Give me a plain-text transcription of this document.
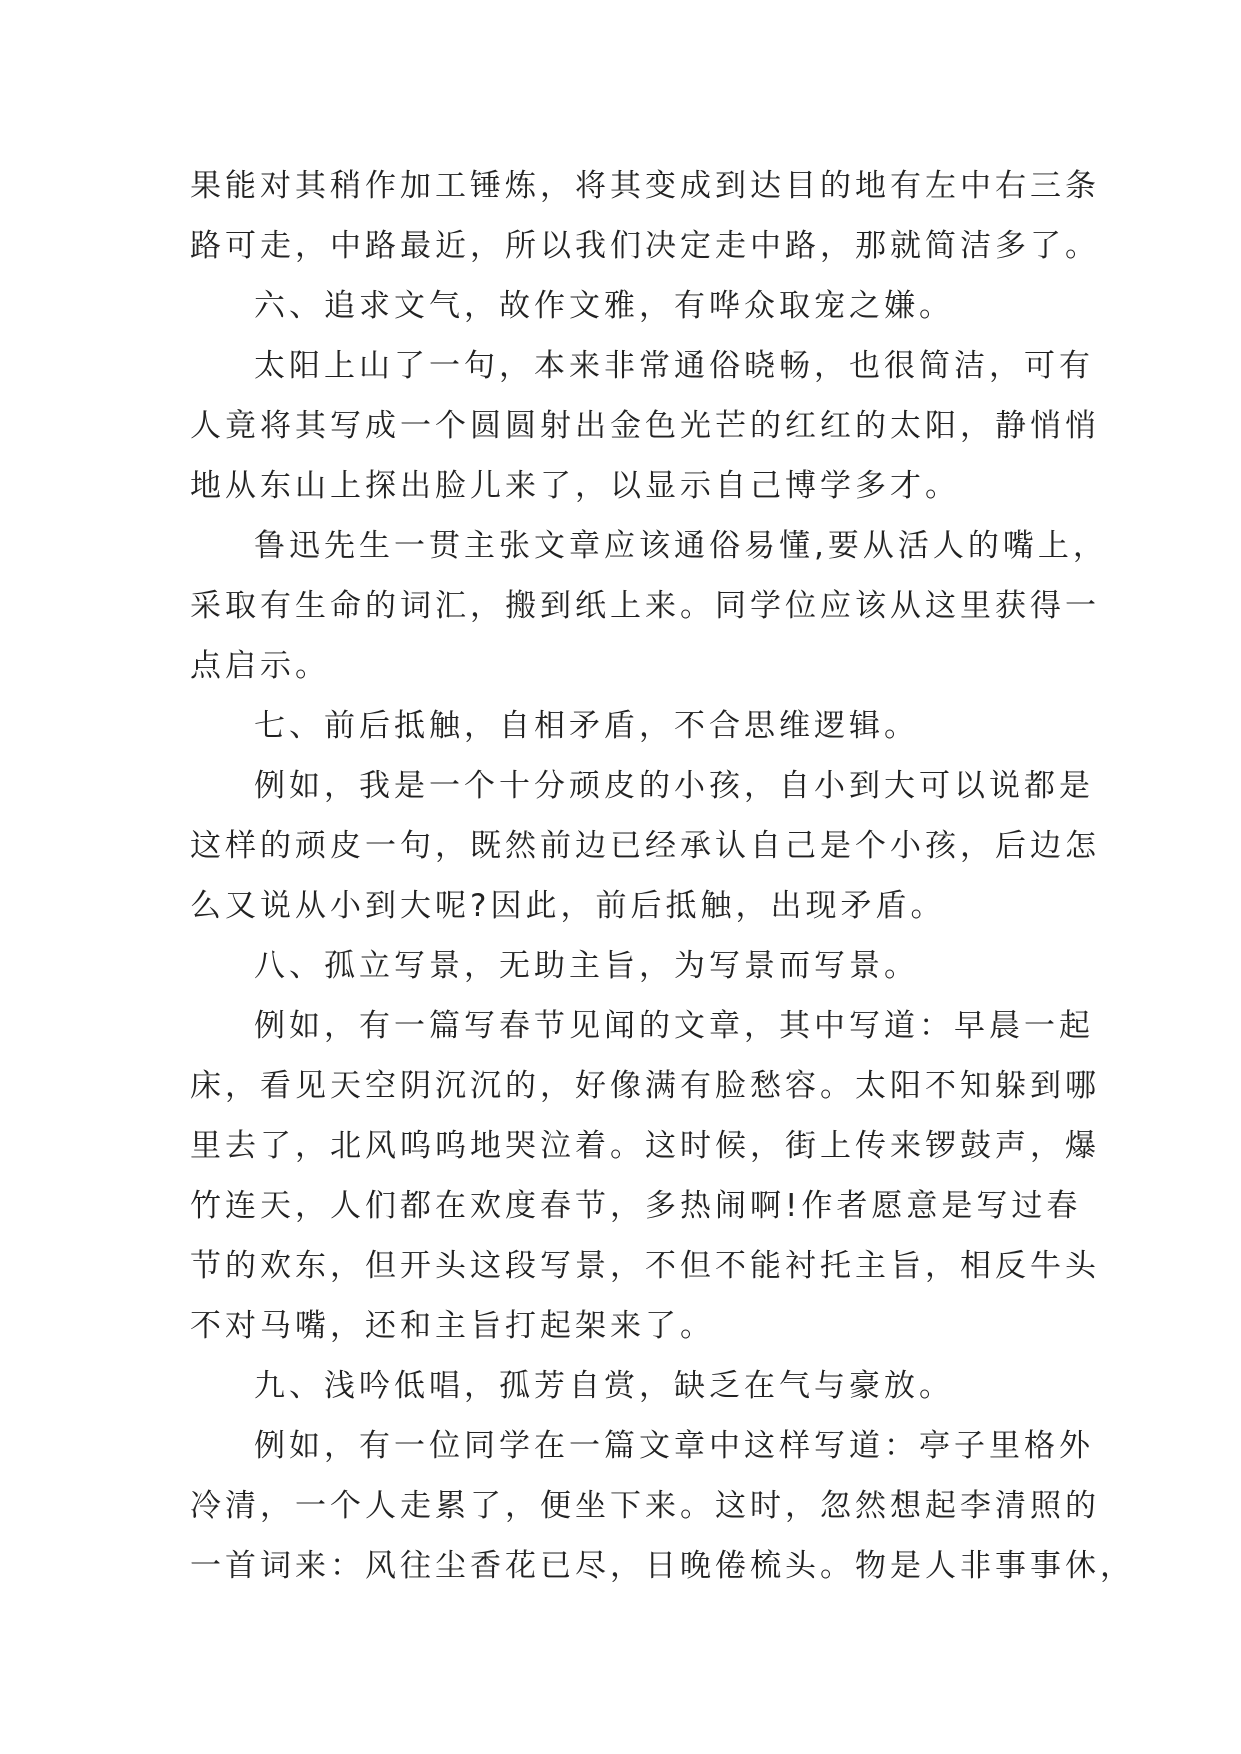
果能对其稍作加工锤炼，将其变成到达目的地有左中右三条
路可走，中路最近，所以我们决定走中路，那就简洁多了。
六、追求文气，故作文雅，有哗众取宠之嫌。
太阳上山了一句，本来非常通俗晓畅，也很简洁，可有
人竟将其写成一个圆圆射出金色光芒的红红的太阳，静悄悄
地从东山上探出脸儿来了，以显示自己博学多才。
鲁迅先生一贯主张文章应该通俗易懂,要从活人的嘴上，
采取有生命的词汇，搬到纸上来。同学位应该从这里获得一
点启示。
七、前后抵触，自相矛盾，不合思维逻辑。
例如，我是一个十分顽皮的小孩，自小到大可以说都是
这样的顽皮一句，既然前边已经承认自己是个小孩，后边怎
么又说从小到大呢?因此，前后抵触，出现矛盾。
八、孤立写景，无助主旨，为写景而写景。
例如，有一篇写春节见闻的文章，其中写道：早晨一起
床，看见天空阴沉沉的，好像满有脸愁容。太阳不知躲到哪
里去了，北风呜呜地哭泣着。这时候，街上传来锣鼓声，爆
竹连天，人们都在欢度春节，多热闹啊!作者愿意是写过春
节的欢东，但开头这段写景，不但不能衬托主旨，相反牛头
不对马嘴，还和主旨打起架来了。
九、浅吟低唱，孤芳自赏，缺乏在气与豪放。
例如，有一位同学在一篇文章中这样写道：亭子里格外
冷清，一个人走累了，便坐下来。这时，忽然想起李清照的
一首词来：风往尘香花已尽，日晚倦梳头。物是人非事事休，
